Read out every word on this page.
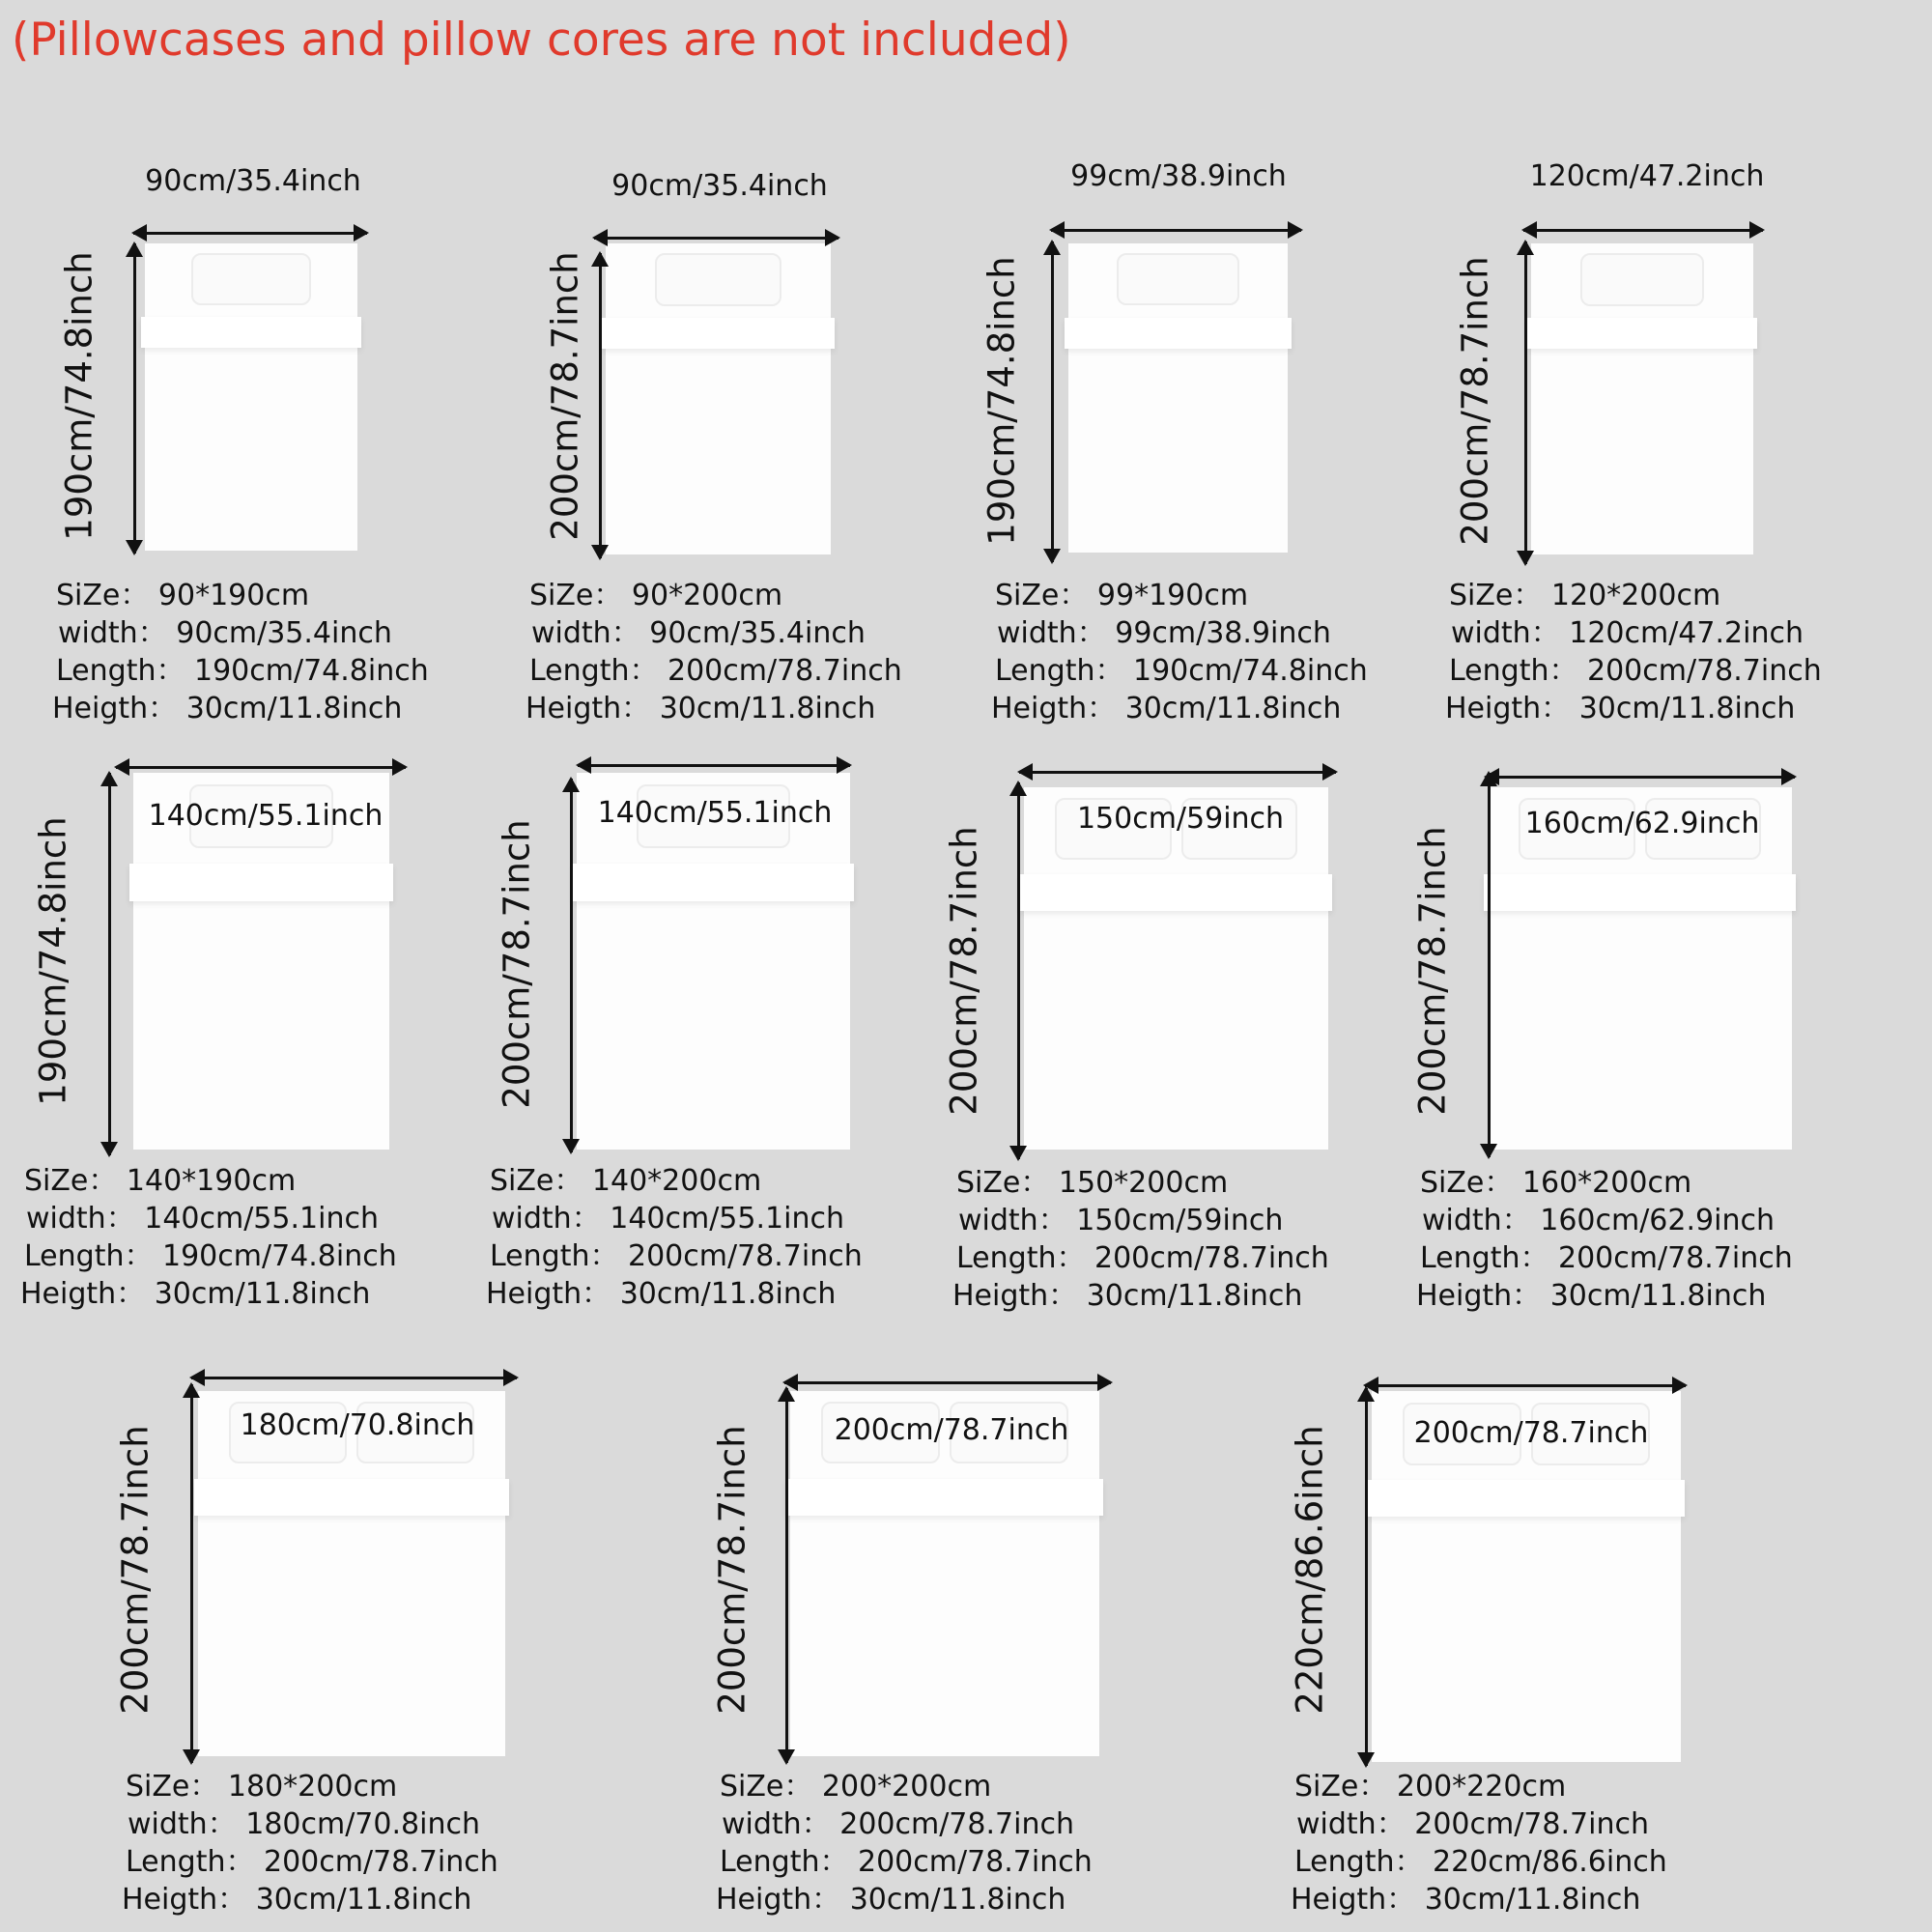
(Pillowcases and pillow cores are not included)
90cm/35.4inch
190cm/74.8inch
SiZe： 90*190cm
width： 90cm/35.4inch
Length： 190cm/74.8inch
Heigth： 30cm/11.8inch
90cm/35.4inch
200cm/78.7inch
SiZe： 90*200cm
width： 90cm/35.4inch
Length： 200cm/78.7inch
Heigth： 30cm/11.8inch
99cm/38.9inch
190cm/74.8inch
SiZe： 99*190cm
width： 99cm/38.9inch
Length： 190cm/74.8inch
Heigth： 30cm/11.8inch
120cm/47.2inch
200cm/78.7inch
SiZe： 120*200cm
width： 120cm/47.2inch
Length： 200cm/78.7inch
Heigth： 30cm/11.8inch
140cm/55.1inch
190cm/74.8inch
SiZe： 140*190cm
width： 140cm/55.1inch
Length： 190cm/74.8inch
Heigth： 30cm/11.8inch
140cm/55.1inch
200cm/78.7inch
SiZe： 140*200cm
width： 140cm/55.1inch
Length： 200cm/78.7inch
Heigth： 30cm/11.8inch
150cm/59inch
200cm/78.7inch
SiZe： 150*200cm
width： 150cm/59inch
Length： 200cm/78.7inch
Heigth： 30cm/11.8inch
160cm/62.9inch
200cm/78.7inch
SiZe： 160*200cm
width： 160cm/62.9inch
Length： 200cm/78.7inch
Heigth： 30cm/11.8inch
180cm/70.8inch
200cm/78.7inch
SiZe： 180*200cm
width： 180cm/70.8inch
Length： 200cm/78.7inch
Heigth： 30cm/11.8inch
200cm/78.7inch
200cm/78.7inch
SiZe： 200*200cm
width： 200cm/78.7inch
Length： 200cm/78.7inch
Heigth： 30cm/11.8inch
200cm/78.7inch
220cm/86.6inch
SiZe： 200*220cm
width： 200cm/78.7inch
Length： 220cm/86.6inch
Heigth： 30cm/11.8inch
